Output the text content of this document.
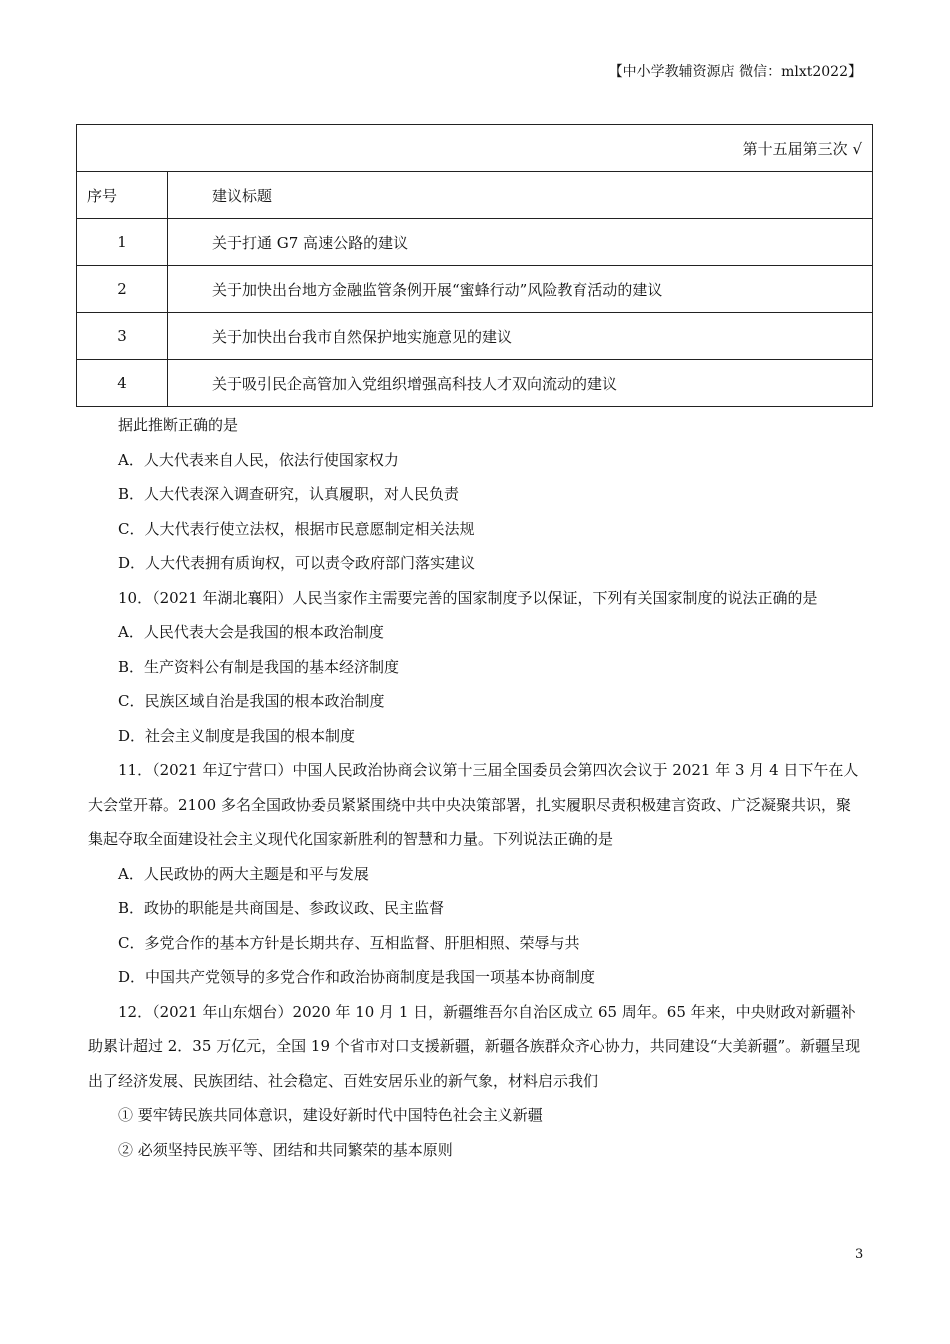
【中小学教辅资源店 微信：mlxt2022】
第十五届第三次 √	
序号	建议标题
1	关于打通 G7 高速公路的建议
2	关于加快出台地方金融监管条例开展“蜜蜂行动”风险教育活动的建议
3	关于加快出台我市自然保护地实施意见的建议
4	关于吸引民企高管加入党组织增强高科技人才双向流动的建议

据此推断正确的是

A．人大代表来自人民，依法行使国家权力

B．人大代表深入调查研究，认真履职，对人民负责

C．人大代表行使立法权，根据市民意愿制定相关法规

D．人大代表拥有质询权，可以责令政府部门落实建议

10．（2021 年湖北襄阳）人民当家作主需要完善的国家制度予以保证，下列有关国家制度的说法正确的是

A．人民代表大会是我国的根本政治制度

B．生产资料公有制是我国的基本经济制度

C．民族区域自治是我国的根本政治制度

D．社会主义制度是我国的根本制度

11．（2021 年辽宁营口）中国人民政治协商会议第十三届全国委员会第四次会议于 2021 年 3 月 4 日下午在人大会堂开幕。2100 多名全国政协委员紧紧围绕中共中央决策部署，扎实履职尽责积极建言资政、广泛凝聚共识，聚集起夺取全面建设社会主义现代化国家新胜利的智慧和力量。下列说法正确的是

A．人民政协的两大主题是和平与发展

B．政协的职能是共商国是、参政议政、民主监督

C．多党合作的基本方针是长期共存、互相监督、肝胆相照、荣辱与共

D．中国共产党领导的多党合作和政治协商制度是我国一项基本协商制度

12．（2021 年山东烟台）2020 年 10 月 1 日，新疆维吾尔自治区成立 65 周年。65 年来，中央财政对新疆补助累计超过 2．35 万亿元，全国 19 个省市对口支援新疆，新疆各族群众齐心协力，共同建设“大美新疆”。新疆呈现出了经济发展、民族团结、社会稳定、百姓安居乐业的新气象，材料启示我们

① 要牢铸民族共同体意识，建设好新时代中国特色社会主义新疆

② 必须坚持民族平等、团结和共同繁荣的基本原则

3
